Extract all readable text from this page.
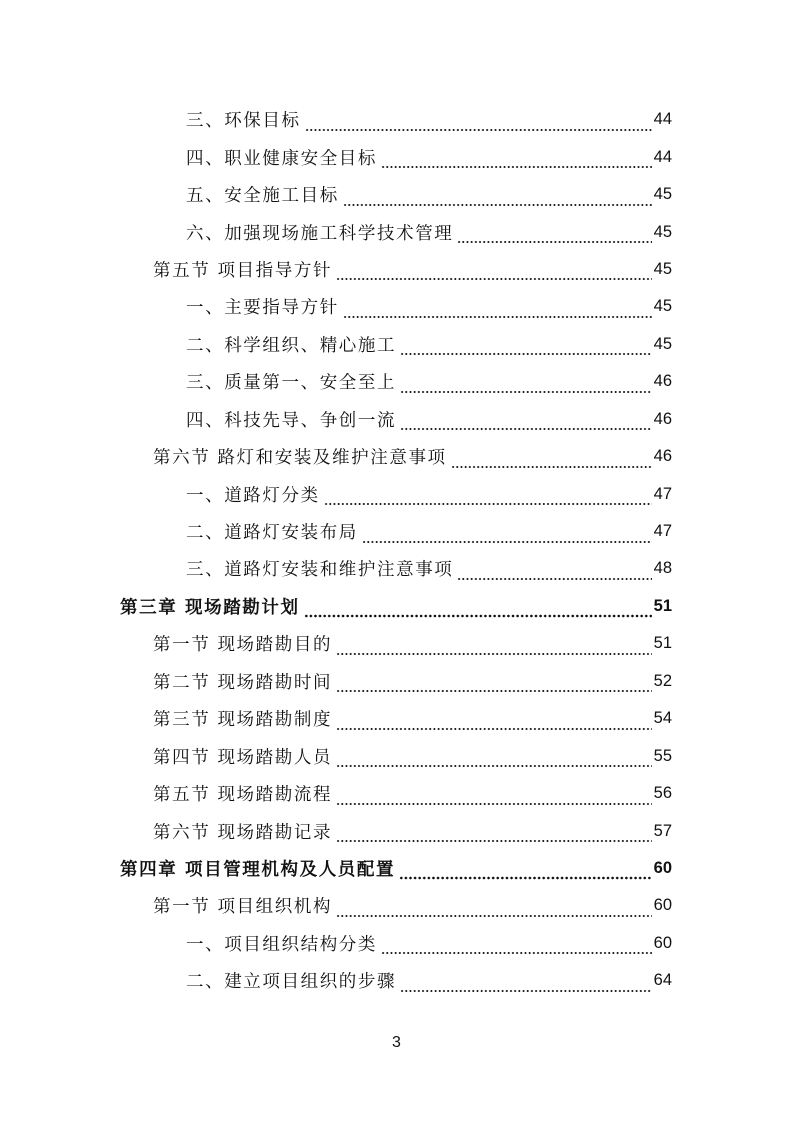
三、环保目标	44
四、职业健康安全目标	44
五、安全施工目标	45
六、加强现场施工科学技术管理	45
第五节 项目指导方针	45
一、主要指导方针	45
二、科学组织、精心施工	45
三、质量第一、安全至上	46
四、科技先导、争创一流	46
第六节 路灯和安装及维护注意事项	46
一、道路灯分类	47
二、道路灯安装布局	47
三、道路灯安装和维护注意事项	48
第三章 现场踏勘计划	51
第一节 现场踏勘目的	51
第二节 现场踏勘时间	52
第三节 现场踏勘制度	54
第四节 现场踏勘人员	55
第五节 现场踏勘流程	56
第六节 现场踏勘记录	57
第四章 项目管理机构及人员配置	60
第一节 项目组织机构	60
一、项目组织结构分类	60
二、建立项目组织的步骤	64
3
